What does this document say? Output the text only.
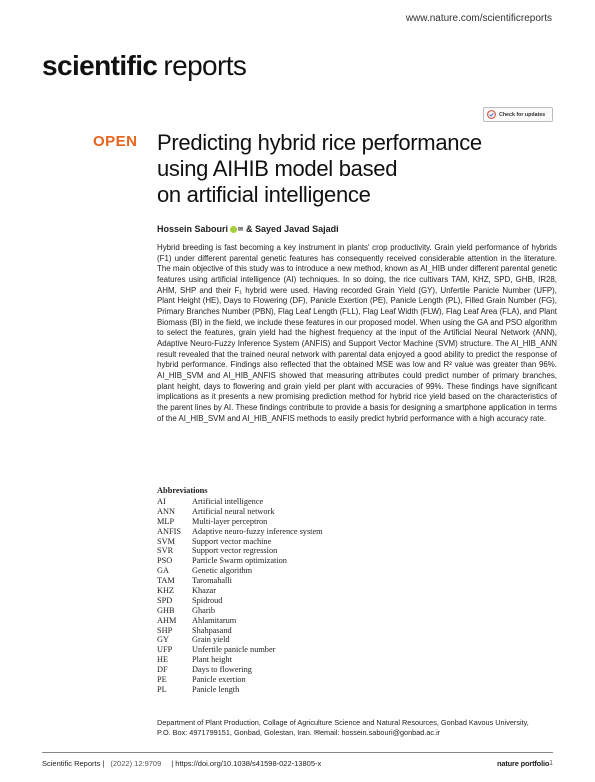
www.nature.com/scientificreports
scientific reports
Check for updates
OPEN Predicting hybrid rice performance
using AIHIB model based
on artificial intelligence
Hossein Sabouri ✉ & Sayed Javad Sajadi

Hybrid breeding is fast becoming a key instrument in plants' crop productivity. Grain yield performance of hybrids (F1) under different parental genetic features has consequently received considerable attention in the literature. The main objective of this study was to introduce a new method, known as AI_HIB under different parental genetic features using artificial intelligence (AI) techniques. In so doing, the rice cultivars TAM, KHZ, SPD, GHB, IR28, AHM, SHP and their F₁ hybrid were used. Having recorded Grain Yield (GY), Unfertile Panicle Number (UFP), Plant Height (HE), Days to Flowering (DF), Panicle Exertion (PE), Panicle Length (PL), Filled Grain Number (FG), Primary Branches Number (PBN), Flag Leaf Length (FLL), Flag Leaf Width (FLW), Flag Leaf Area (FLA), and Plant Biomass (BI) in the field, we include these features in our proposed model. When using the GA and PSO algorithm to select the features, grain yield had the highest frequency at the input of the Artificial Neural Network (ANN), Adaptive Neuro-Fuzzy Inference System (ANFIS) and Support Vector Machine (SVM) structure. The AI_HIB_ANN result revealed that the trained neural network with parental data enjoyed a good ability to predict the response of hybrid performance. Findings also reflected that the obtained MSE was low and R² value was greater than 96%. AI_HIB_SVM and AI_HIB_ANFIS showed that measuring attributes could predict number of primary branches, plant height, days to flowering and grain yield per plant with accuracies of 99%. These findings have significant implications as it presents a new promising prediction method for hybrid rice yield based on the characteristics of the parent lines by AI. These findings contribute to provide a basis for designing a smartphone application in terms of the AI_HIB_SVM and AI_HIB_ANFIS methods to easily predict hybrid performance with a high accuracy rate.

Abbreviations
AI	Artificial intelligence
ANN	Artificial neural network
MLP	Multi-layer perceptron
ANFIS	Adaptive neuro-fuzzy inference system
SVM	Support vector machine
SVR	Support vector regression
PSO	Particle Swarm optimization
GA	Genetic algorithm
TAM	Taromahalli
KHZ	Khazar
SPD	Spidroud
GHB	Gharib
AHM	Ahlamitarum
SHP	Shahpasand
GY	Grain yield
UFP	Unfertile panicle number
HE	Plant height
DF	Days to flowering
PE	Panicle exertion
PL	Panicle length
Department of Plant Production, Collage of Agriculture Science and Natural Resources, Gonbad Kavous University,
P.O. Box: 4971799151, Gonbad, Golestan, Iran. ✉email: hossein.sabouri@gonbad.ac.ir
Scientific Reports | (2022) 12:9709 | https://doi.org/10.1038/s41598-022-13805-x	nature portfolio 1
